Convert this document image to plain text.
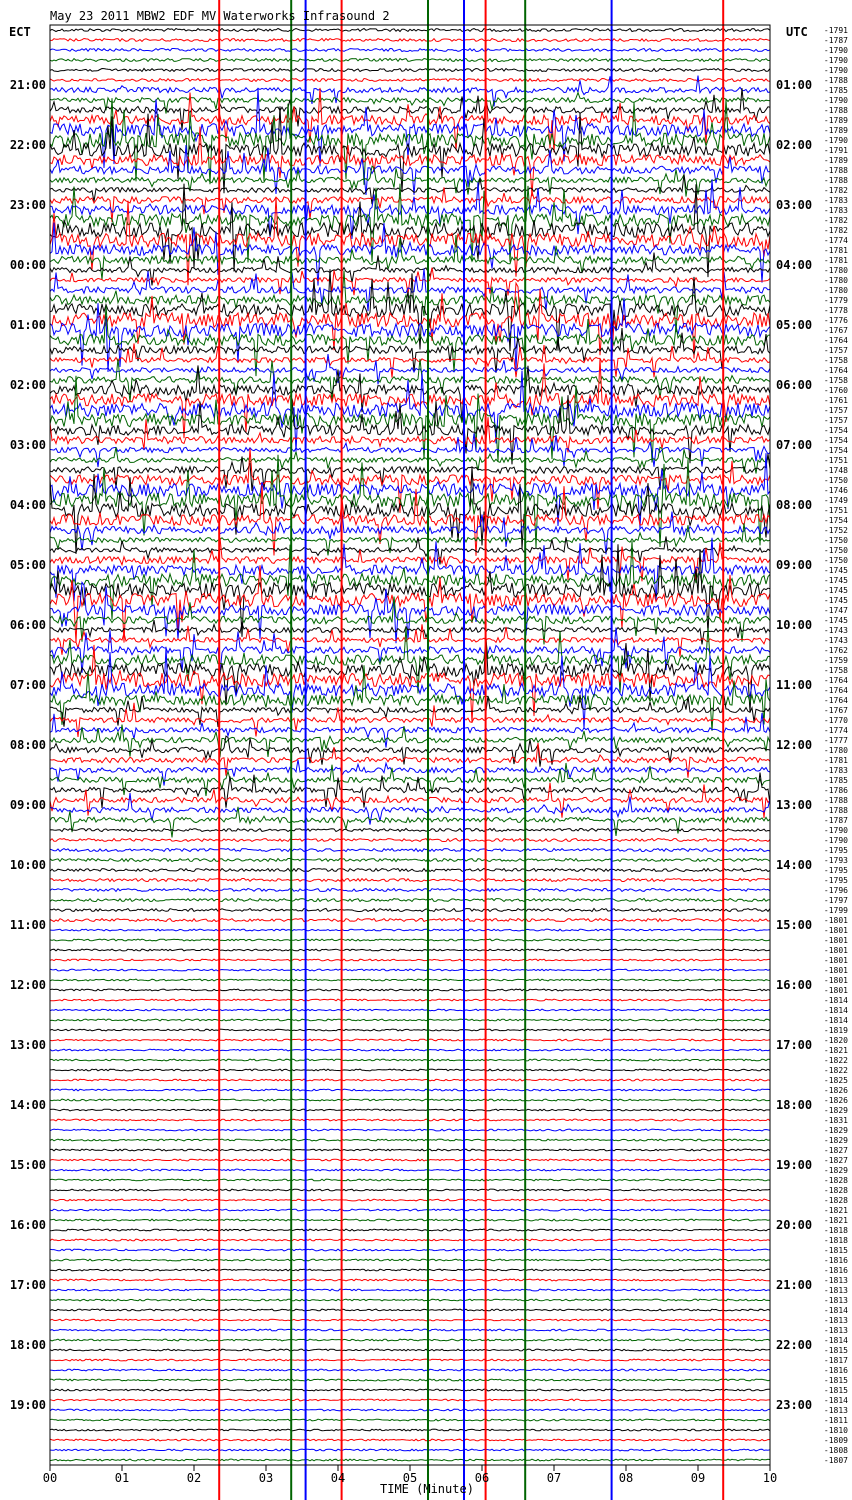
21:00
22:00
23:00
00:00
01:00
02:00
03:00
04:00
05:00
06:00
07:00
08:00
09:00
10:00
11:00
12:00
13:00
14:00
15:00
16:00
17:00
18:00
19:00
01:00
02:00
03:00
04:00
05:00
06:00
07:00
08:00
09:00
10:00
11:00
12:00
13:00
14:00
15:00
16:00
17:00
18:00
19:00
20:00
21:00
22:00
23:00
-1791
-1787
-1790
-1790
-1790
-1788
-1785
-1790
-1788
-1789
-1789
-1790
-1791
-1789
-1788
-1788
-1782
-1783
-1783
-1782
-1782
-1774
-1781
-1781
-1780
-1780
-1780
-1779
-1778
-1776
-1767
-1764
-1757
-1758
-1764
-1758
-1760
-1761
-1757
-1757
-1754
-1754
-1754
-1751
-1748
-1750
-1746
-1749
-1751
-1754
-1752
-1750
-1750
-1750
-1745
-1745
-1745
-1745
-1747
-1745
-1743
-1743
-1762
-1759
-1758
-1764
-1764
-1764
-1767
-1770
-1774
-1777
-1780
-1781
-1783
-1785
-1786
-1788
-1788
-1787
-1790
-1790
-1795
-1793
-1795
-1795
-1796
-1797
-1799
-1801
-1801
-1801
-1801
-1801
-1801
-1801
-1801
-1814
-1814
-1814
-1819
-1820
-1821
-1822
-1822
-1825
-1826
-1826
-1829
-1831
-1829
-1829
-1827
-1827
-1829
-1828
-1828
-1828
-1821
-1821
-1818
-1818
-1815
-1816
-1816
-1813
-1813
-1813
-1814
-1813
-1813
-1814
-1815
-1817
-1816
-1815
-1815
-1814
-1813
-1811
-1810
-1809
-1808
-1807
00	01	02	03	04	05	06	07	08	09	10
May 23 2011 MBW2 EDF MV Waterworks Infrasound 2
ECT	UTC
TIME (Minute)
